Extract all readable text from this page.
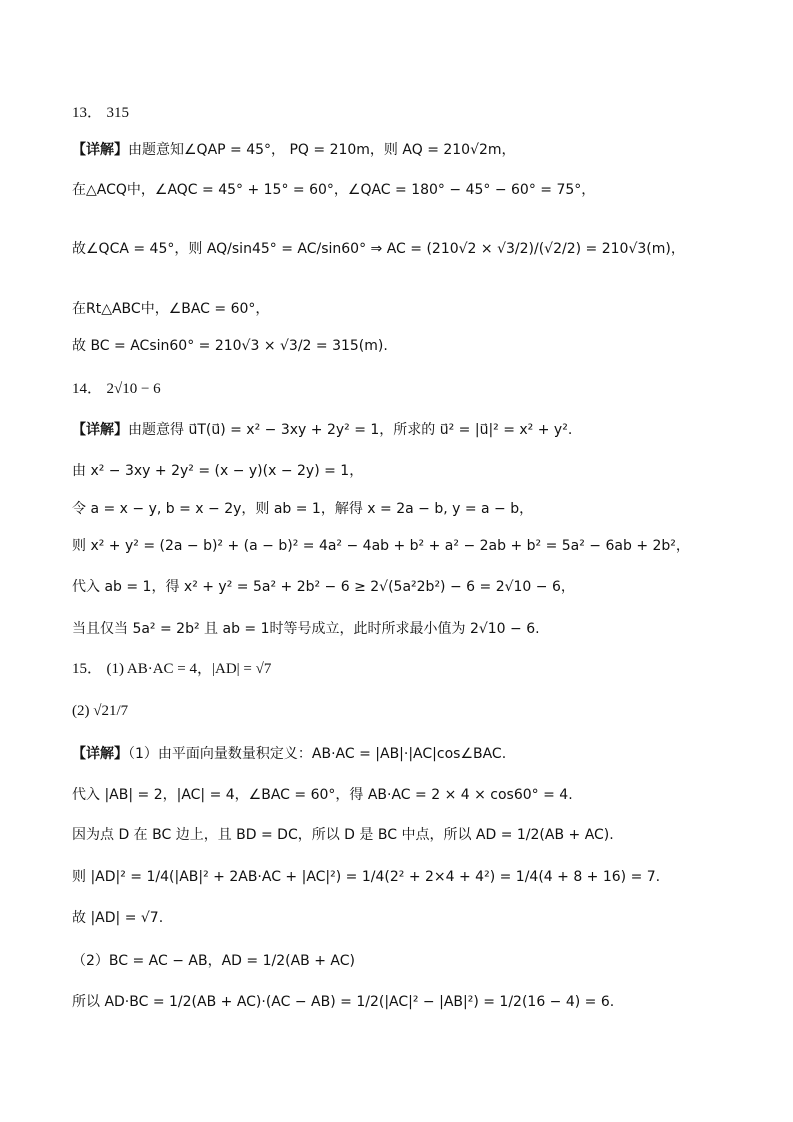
13． 315
【详解】由题意知∠QAP = 45°， PQ = 210m，则 AQ = 210√2m，
在△ACQ中，∠AQC = 45° + 15° = 60°，∠QAC = 180° − 45° − 60° = 75°，
故∠QCA = 45°，则 AQ/sin45° = AC/sin60° ⇒ AC = (210√2 × √3/2)/(√2/2) = 210√3(m)，
在Rt△ABC中，∠BAC = 60°，
故 BC = ACsin60° = 210√3 × √3/2 = 315(m).
14． 2√10 − 6
【详解】由题意得 u⃗T(u⃗) = x² − 3xy + 2y² = 1，所求的 u⃗² = |u⃗|² = x² + y².
由 x² − 3xy + 2y² = (x − y)(x − 2y) = 1，
令 a = x − y, b = x − 2y，则 ab = 1，解得 x = 2a − b, y = a − b，
则 x² + y² = (2a − b)² + (a − b)² = 4a² − 4ab + b² + a² − 2ab + b² = 5a² − 6ab + 2b²，
代入 ab = 1，得 x² + y² = 5a² + 2b² − 6 ≥ 2√(5a²2b²) − 6 = 2√10 − 6，
当且仅当 5a² = 2b² 且 ab = 1时等号成立，此时所求最小值为 2√10 − 6.
15． (1) AB·AC = 4，|AD| = √7
(2) √21/7
【详解】（1）由平面向量数量积定义：AB·AC = |AB|·|AC|cos∠BAC.
代入 |AB| = 2，|AC| = 4，∠BAC = 60°，得 AB·AC = 2 × 4 × cos60° = 4.
因为点 D 在 BC 边上，且 BD = DC，所以 D 是 BC 中点，所以 AD = 1/2(AB + AC).
则 |AD|² = 1/4(|AB|² + 2AB·AC + |AC|²) = 1/4(2² + 2×4 + 4²) = 1/4(4 + 8 + 16) = 7.
故 |AD| = √7.
（2）BC = AC − AB，AD = 1/2(AB + AC)
所以 AD·BC = 1/2(AB + AC)·(AC − AB) = 1/2(|AC|² − |AB|²) = 1/2(16 − 4) = 6.
